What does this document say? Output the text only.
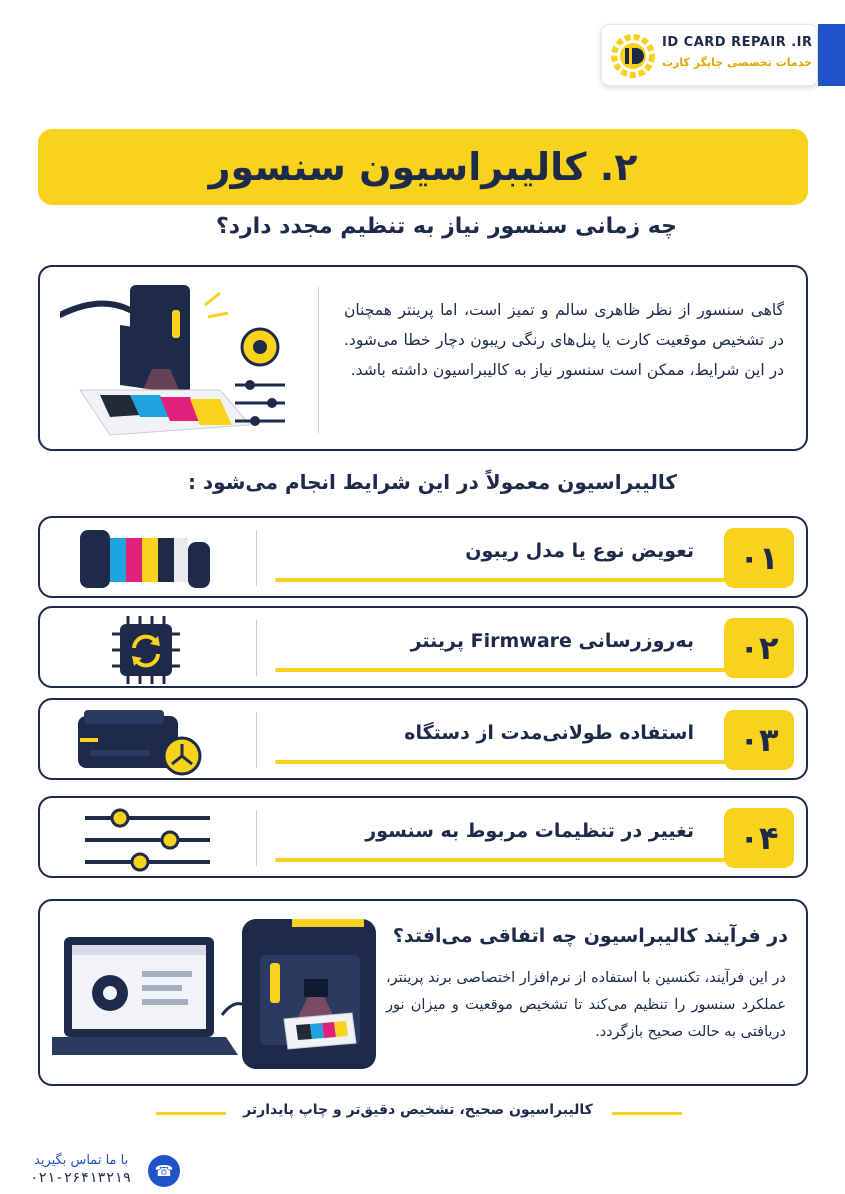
ID CARD REPAIR .IR
خدمات تخصصی چاپگر کارت
۲. کالیبراسیون سنسور
چه زمانی سنسور نیاز به تنظیم مجدد دارد؟
گاهی سنسور از نظر ظاهری سالم و تمیز است، اما پرینتر همچنان در تشخیص موقعیت کارت یا پنل‌های رنگی ریبون دچار خطا می‌شود. در این شرایط، ممکن است سنسور نیاز به کالیبراسیون داشته باشد.
کالیبراسیون معمولاً در این شرایط انجام می‌شود :
تعویض نوع یا مدل ریبون	۰۱
به‌روزرسانی Firmware پرینتر	۰۲
استفاده طولانی‌مدت از دستگاه	۰۳
تغییر در تنظیمات مربوط به سنسور	۰۴
در فرآیند کالیبراسیون چه اتفاقی می‌افتد؟
در این فرآیند، تکنسین با استفاده از نرم‌افزار اختصاصی برند پرینتر، عملکرد سنسور را تنظیم می‌کند تا تشخیص موقعیت و میزان نور دریافتی به حالت صحیح بازگردد.
کالیبراسیون صحیح، تشخیص دقیق‌تر و چاپ پایدارتر
با ما تماس بگیرید
۰۲۱-۲۶۴۱۳۲۱۹	☎
